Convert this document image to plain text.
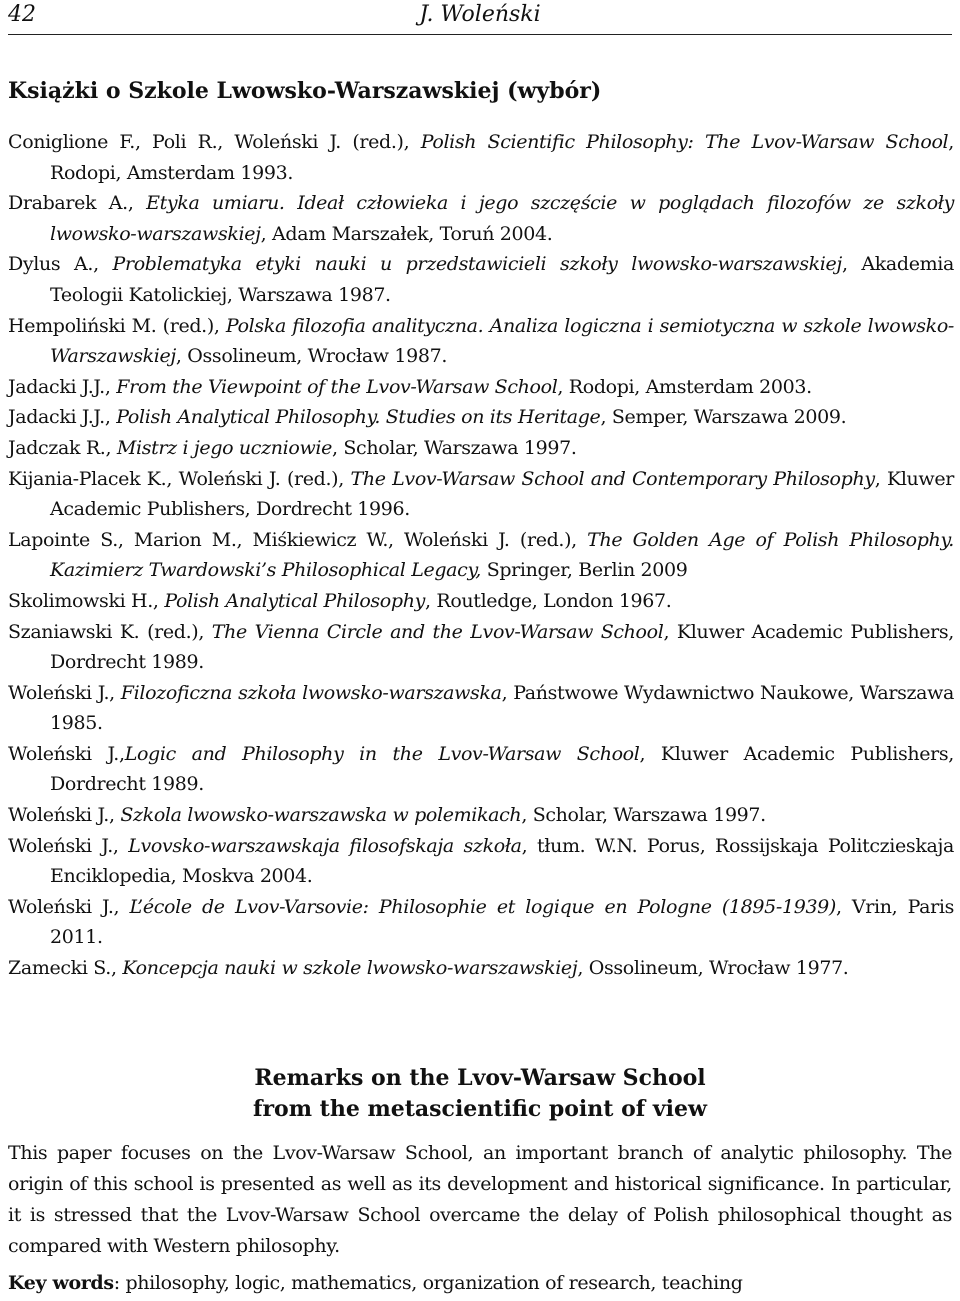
42	J. Woleński
Książki o Szkole Lwowsko-Warszawskiej (wybór)
Coniglione F., Poli R., Woleński J. (red.), Polish Scientific Philosophy: The Lvov-Warsaw School, Rodopi, Amsterdam 1993.
Drabarek A., Etyka umiaru. Ideał człowieka i jego szczęście w poglądach filozofów ze szkoły lwowsko-warszawskiej, Adam Marszałek, Toruń 2004.
Dylus A., Problematyka etyki nauki u przedstawicieli szkoły lwowsko-warszawskiej, Akademia Teologii Katolickiej, Warszawa 1987.
Hempoliński M. (red.), Polska filozofia analityczna. Analiza logiczna i semiotyczna w szkole lwowsko-Warszawskiej, Ossolineum, Wrocław 1987.
Jadacki J.J., From the Viewpoint of the Lvov-Warsaw School, Rodopi, Amsterdam 2003.
Jadacki J.J., Polish Analytical Philosophy. Studies on its Heritage, Semper, Warszawa 2009.
Jadczak R., Mistrz i jego uczniowie, Scholar, Warszawa 1997.
Kijania-Placek K., Woleński J. (red.), The Lvov-Warsaw School and Contemporary Philosophy, Kluwer Academic Publishers, Dordrecht 1996.
Lapointe S., Marion M., Miśkiewicz W., Woleński J. (red.), The Golden Age of Polish Philosophy. Kazimierz Twardowski’s Philosophical Legacy, Springer, Berlin 2009
Skolimowski H., Polish Analytical Philosophy, Routledge, London 1967.
Szaniawski K. (red.), The Vienna Circle and the Lvov-Warsaw School, Kluwer Academic Publishers, Dordrecht 1989.
Woleński J., Filozoficzna szkoła lwowsko-warszawska, Państwowe Wydawnictwo Naukowe, Warszawa 1985.
Woleński J.,Logic and Philosophy in the Lvov-Warsaw School, Kluwer Academic Publishers, Dordrecht 1989.
Woleński J., Szkola lwowsko-warszawska w polemikach, Scholar, Warszawa 1997.
Woleński J., Lvovsko-warszawskaja filosofskaja szkoła, tłum. W.N. Porus, Rossijskaja Politczieskaja Enciklopedia, Moskva 2004.
Woleński J., L’école de Lvov-Varsovie: Philosophie et logique en Pologne (1895-1939), Vrin, Paris 2011.
Zamecki S., Koncepcja nauki w szkole lwowsko-warszawskiej, Ossolineum, Wrocław 1977.
Remarks on the Lvov-Warsaw School
from the metascientific point of view

This paper focuses on the Lvov-Warsaw School, an important branch of analytic philosophy. The origin of this school is presented as well as its development and historical significance. In particular, it is stressed that the Lvov-Warsaw School overcame the delay of Polish philosophical thought as compared with Western philosophy.

Key words: philosophy, logic, mathematics, organization of research, teaching
